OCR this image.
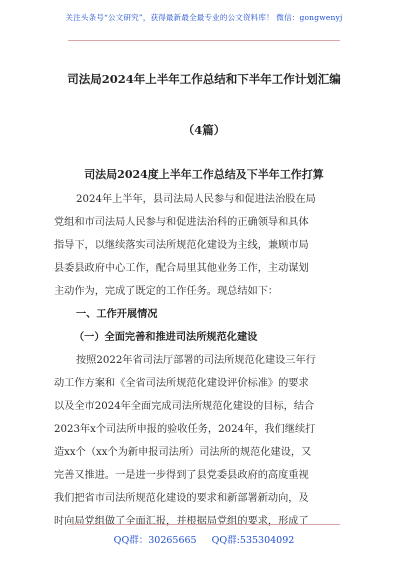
关注头条号“公文研究”，获得最新最全最专业的公文资料库！ 微信：gongwenyj
司法局2024年上半年工作总结和下半年工作计划汇编
（4篇）
司法局2024度上半年工作总结及下半年工作打算
2024年上半年，县司法局人民参与和促进法治股在局
党组和市司法局人民参与和促进法治科的正确领导和具体
指导下，以继续落实司法所规范化建设为主线，兼顾市局
县委县政府中心工作，配合局里其他业务工作，主动谋划
主动作为，完成了既定的工作任务。现总结如下：
一、工作开展情况
（一）全面完善和推进司法所规范化建设
按照2022年省司法厅部署的司法所规范化建设三年行
动工作方案和《全省司法所规范化建设评价标准》的要求
以及全市2024年全面完成司法所规范化建设的目标，结合
2023年x个司法所申报的验收任务，2024年，我们继续打
造xx个（xx个为新申报司法所）司法所的规范化建设，又
完善又推进。一是进一步得到了县党委县政府的高度重视
我们把省市司法所规范化建设的要求和新部署新动向，及
时向局党组做了全面汇报，并根据局党组的要求，形成了
QQ群：30265665 QQ群:535304092
